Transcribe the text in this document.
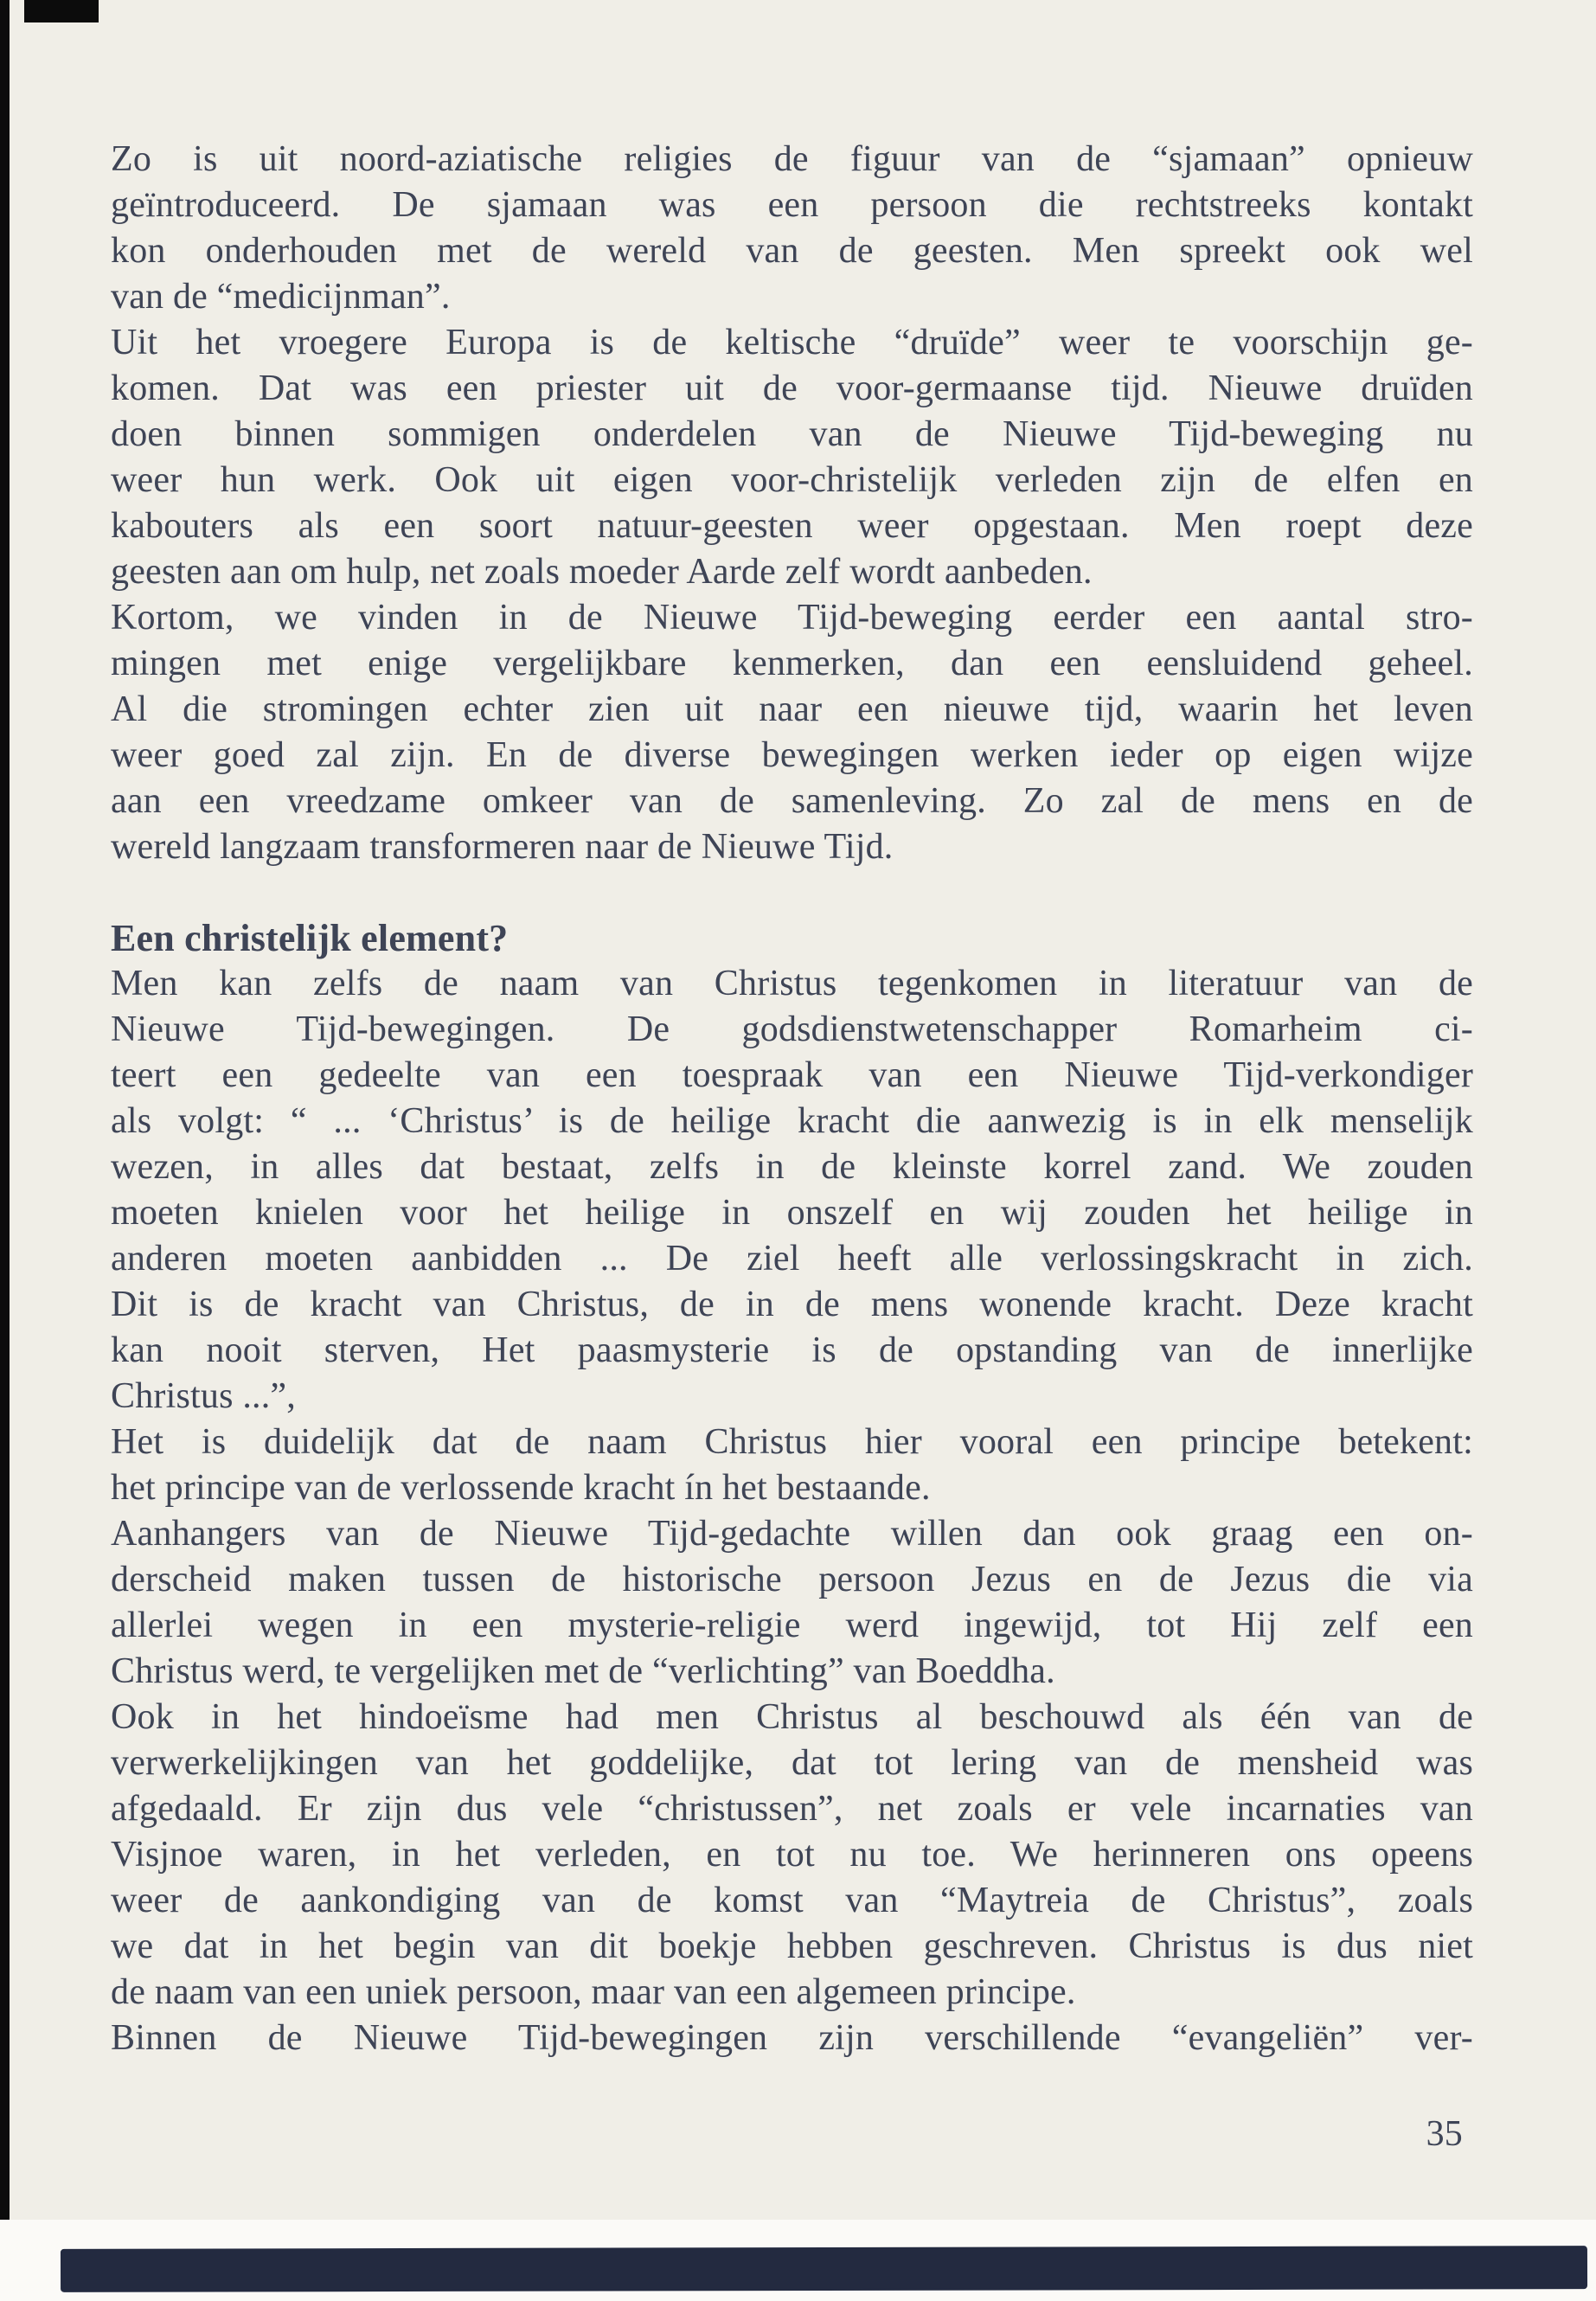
Zo is uit noord-aziatische religies de figuur van de “sjamaan” opnieuw
geïntroduceerd. De sjamaan was een persoon die rechtstreeks kontakt
kon onderhouden met de wereld van de geesten. Men spreekt ook wel
van de “medicijnman”.
Uit het vroegere Europa is de keltische “druïde” weer te voorschijn ge-
komen. Dat was een priester uit de voor-germaanse tijd. Nieuwe druïden
doen binnen sommigen onderdelen van de Nieuwe Tijd-beweging nu
weer hun werk. Ook uit eigen voor-christelijk verleden zijn de elfen en
kabouters als een soort natuur-geesten weer opgestaan. Men roept deze
geesten aan om hulp, net zoals moeder Aarde zelf wordt aanbeden.
Kortom, we vinden in de Nieuwe Tijd-beweging eerder een aantal stro-
mingen met enige vergelijkbare kenmerken, dan een eensluidend geheel.
Al die stromingen echter zien uit naar een nieuwe tijd, waarin het leven
weer goed zal zijn. En de diverse bewegingen werken ieder op eigen wijze
aan een vreedzame omkeer van de samenleving. Zo zal de mens en de
wereld langzaam transformeren naar de Nieuwe Tijd.
Een christelijk element?
Men kan zelfs de naam van Christus tegenkomen in literatuur van de
Nieuwe Tijd-bewegingen. De godsdienstwetenschapper Romarheim ci-
teert een gedeelte van een toespraak van een Nieuwe Tijd-verkondiger
als volgt: “ ... ‘Christus’ is de heilige kracht die aanwezig is in elk menselijk
wezen, in alles dat bestaat, zelfs in de kleinste korrel zand. We zouden
moeten knielen voor het heilige in onszelf en wij zouden het heilige in
anderen moeten aanbidden ... De ziel heeft alle verlossingskracht in zich.
Dit is de kracht van Christus, de in de mens wonende kracht. Deze kracht
kan nooit sterven, Het paasmysterie is de opstanding van de innerlijke
Christus ...”,
Het is duidelijk dat de naam Christus hier vooral een principe betekent:
het principe van de verlossende kracht ín het bestaande.
Aanhangers van de Nieuwe Tijd-gedachte willen dan ook graag een on-
derscheid maken tussen de historische persoon Jezus en de Jezus die via
allerlei wegen in een mysterie-religie werd ingewijd, tot Hij zelf een
Christus werd, te vergelijken met de “verlichting” van Boeddha.
Ook in het hindoeïsme had men Christus al beschouwd als één van de
verwerkelijkingen van het goddelijke, dat tot lering van de mensheid was
afgedaald. Er zijn dus vele “christussen”, net zoals er vele incarnaties van
Visjnoe waren, in het verleden, en tot nu toe. We herinneren ons opeens
weer de aankondiging van de komst van “Maytreia de Christus”, zoals
we dat in het begin van dit boekje hebben geschreven. Christus is dus niet
de naam van een uniek persoon, maar van een algemeen principe.
Binnen de Nieuwe Tijd-bewegingen zijn verschillende “evangeliën” ver-
35
